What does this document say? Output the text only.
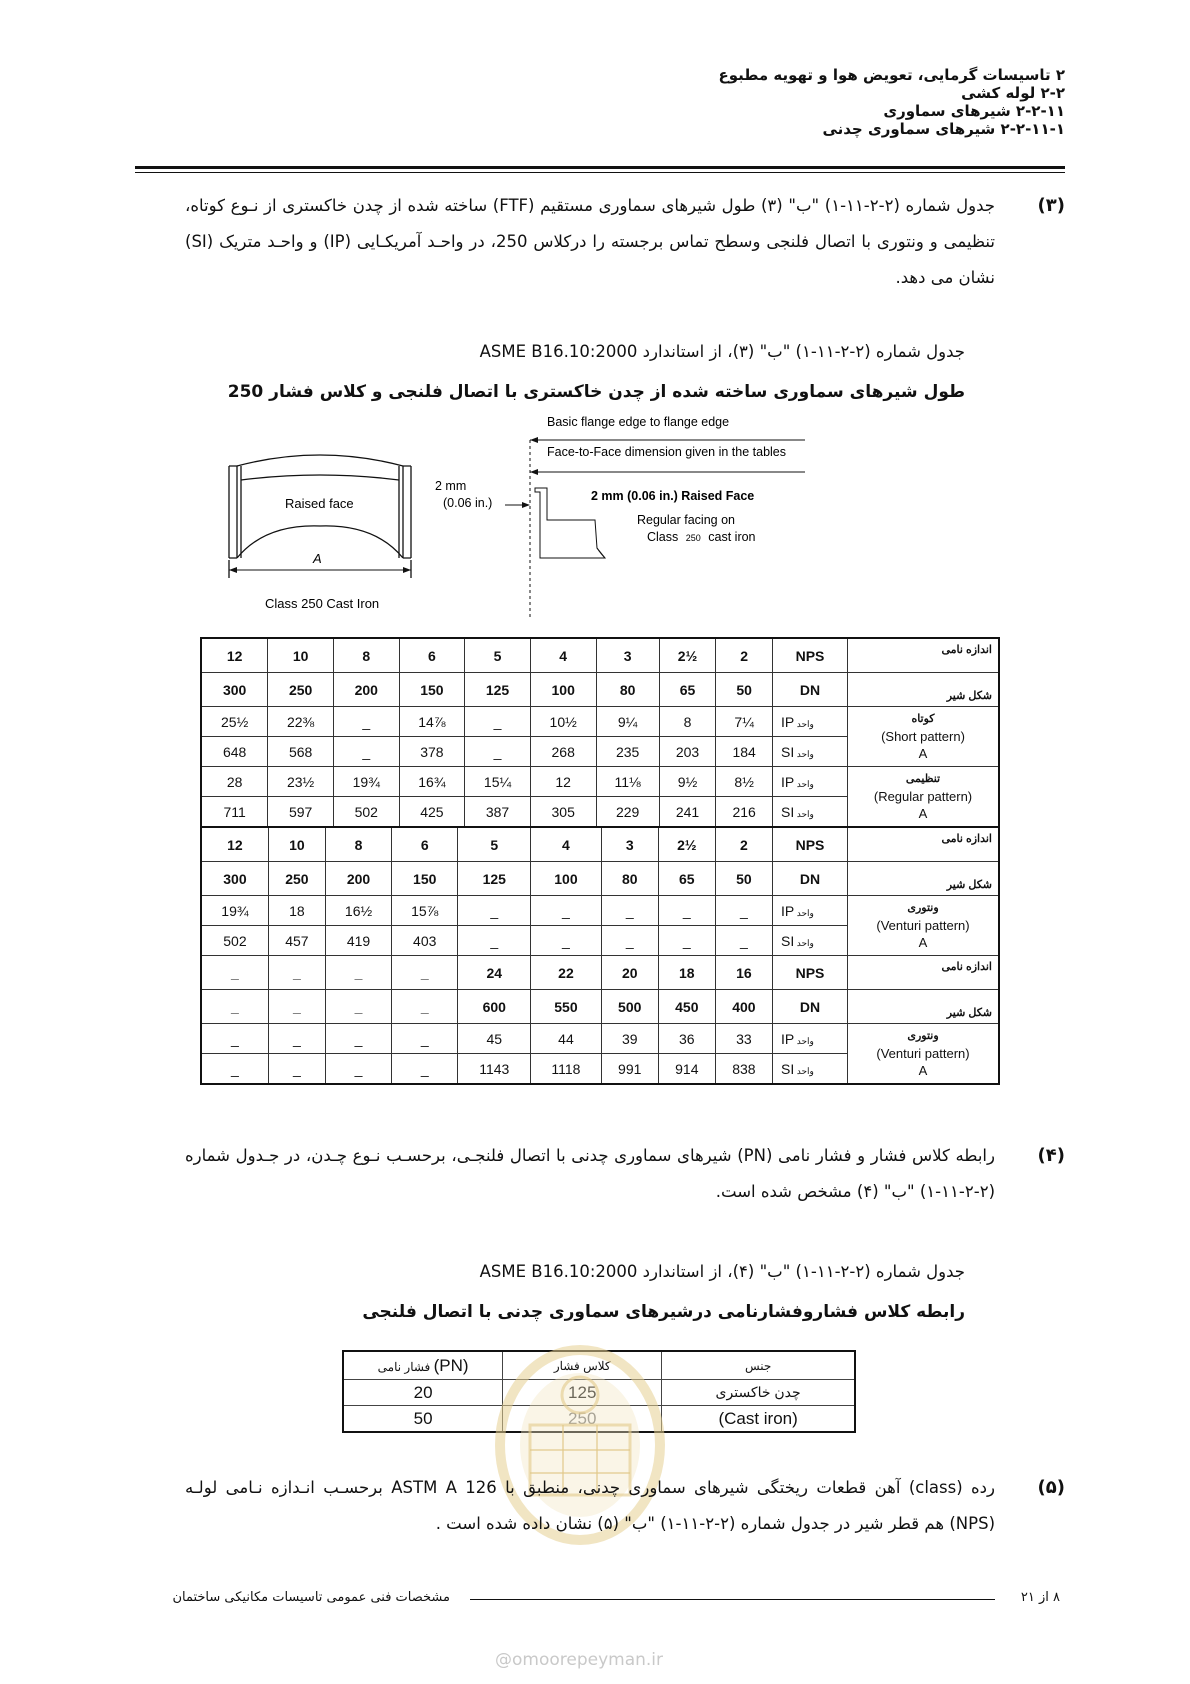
۲ تاسیسات گرمایی، تعویض هوا و تهویه مطبوع
۲-۲ لوله کشی
۲-۲-۱۱ شیرهای سماوری
۲-۲-۱۱-۱ شیرهای سماوری چدنی
(۳)
جدول شماره (۲-۲-۱۱-۱) "ب" (۳) طول شیرهای سماوری مستقیم (FTF) ساخته شده از چدن خاکستری از نـوع کوتاه، تنظیمی و ونتوری با اتصال فلنجی وسطح تماس برجسته را درکلاس 250، در واحـد آمریکـایی (IP) و واحـد متریک (SI) نشان می دهد.
جدول شماره (۲-۲-۱۱-۱) "ب" (۳)، از استاندارد ASME B16.10:2000
طول شیرهای سماوری ساخته شده از چدن خاکستری با اتصال فلنجی و کلاس فشار 250
Raised face
A
Class 250 Cast Iron
Basic flange edge to flange edge
Face-to-Face dimension given in the tables
2 mm
(0.06 in.)	2 mm (0.06 in.) Raised Face
Regular facing on
Class 250 cast iron
12	10	8	6	5	4	3	2½	2	NPS	اندازه نامی
300	250	200	150	125	100	80	65	50	DN	شکل شیر
25½	22⅜	_	14⅞	_	10½	9¼	8	7¼	IP واحد	کوتاه
(Short pattern)
A

648	568	_	378	_	268	235	203	184	SI واحد	
28	23½	19¾	16¾	15¼	12	11⅛	9½	8½	IP واحد	تنظیمی
(Regular pattern)
A

711	597	502	425	387	305	229	241	216	SI واحد	
12	10	8	6	5	4	3	2½	2	NPS	اندازه نامی
300	250	200	150	125	100	80	65	50	DN	شکل شیر
19¾	18	16½	15⅞	_	_	_	_	_	IP واحد	ونتوری
(Venturi pattern)
A

502	457	419	403	_	_	_	_	_	SI واحد	
_	_	_	_	24	22	20	18	16	NPS	اندازه نامی
_	_	_	_	600	550	500	450	400	DN	شکل شیر
_	_	_	_	45	44	39	36	33	IP واحد	ونتوری
(Venturi pattern)
A

_	_	_	_	1143	1118	991	914	838	SI واحد	
(۴)
رابطه کلاس فشار و فشار نامی (PN) شیرهای سماوری چدنی با اتصال فلنجـی، برحسـب نـوع چـدن، در جـدول شماره (۲-۲-۱۱-۱) "ب" (۴) مشخص شده است.
جدول شماره (۲-۲-۱۱-۱) "ب" (۴)، از استاندارد ASME B16.10:2000
رابطه کلاس فشاروفشارنامی درشیرهای سماوری چدنی با اتصال فلنجی
فشار نامی (PN)	کلاس فشار	جنس
20	125	چدن خاکستری
50	250	(Cast iron)
(۵)
رده (class) آهن قطعات ریختگی شیرهای سماوری چدنی، منطبق با ASTM A 126 برحسـب انـدازه نـامی لولـه (NPS) هم قطر شیر در جدول شماره (۲-۲-۱۱-۱) "ب" (۵) نشان داده شده است .
۸ از ۲۱
مشخصات فنی عمومی تاسیسات مکانیکی ساختمان
@omoorepeyman.ir
